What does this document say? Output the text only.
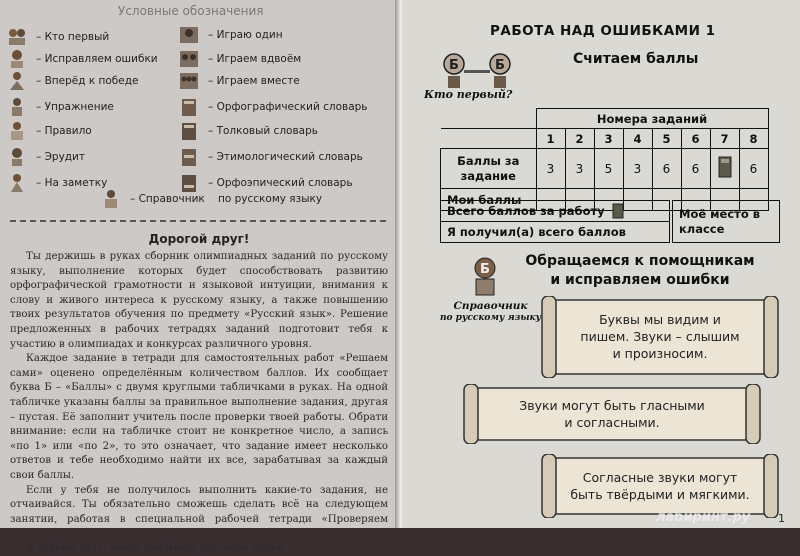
Условные обозначения
– Кто первый
– Исправляем ошибки
– Вперёд к победе
– Упражнение
– Правило
– Эрудит
– На заметку
– Справочник
– Играю один
– Играем вдвоём
– Играем вместе
– Орфографический словарь
– Толковый словарь
– Этимологический словарь
– Орфоэпический словарь
по русскому языку
Дорогой друг!

Ты держишь в руках сборник олимпиадных заданий по русскому языку, выполнение которых будет способствовать развитию орфографической грамотности и языковой интуиции, внимания к слову и живого интереса к русскому языку, а также повышению твоих результатов обучения по предмету «Русский язык». Решение предложенных в рабочих тетрадях заданий подготовит тебя к участию в олимпиадах и конкурсах различного уровня.

Каждое задание в тетради для самостоятельных работ «Решаем сами» оценено определённым количеством баллов. Их сообщает буква Б – «Баллы» с двумя круглыми табличками в руках. На одной табличке указаны баллы за правильное выполнение задания, другая – пустая. Её заполнит учитель после проверки твоей работы. Обрати внимание: если на табличке стоит не конкретное число, а запись «по 1» или «по 2», то это означает, что задание имеет несколько ответов и тебе необходимо найти их все, зарабатывая за каждый свои баллы.

Если у тебя не получилось выполнить какие-то задания, не отчаивайся. Ты обязательно сможешь сделать всё на следующем занятии, работая в специальной рабочей тетради «Проверяем

В добрый путь, юный любитель русского языка!

РАБОТА НАД ОШИБКАМИ 1
Б	Б
Кто первый?
Считаем баллы
	Номера заданий							
	1	2	3	4	5	6	7	8
Баллы за задание	3	3	5	3	6	6		6
Мои баллы								
Всего баллов за работу
Я получил(а) всего баллов
Моё место в классе
Обращаемся к помощникам
и исправляем ошибки
Б
Справочник
по русскому языку	Буквы мы видим и
пишем. Звуки – слышим
и произносим.
Звуки могут быть гласными
и согласными.
Согласные звуки могут
быть твёрдыми и мягкими.
лабиринт.ру	1
